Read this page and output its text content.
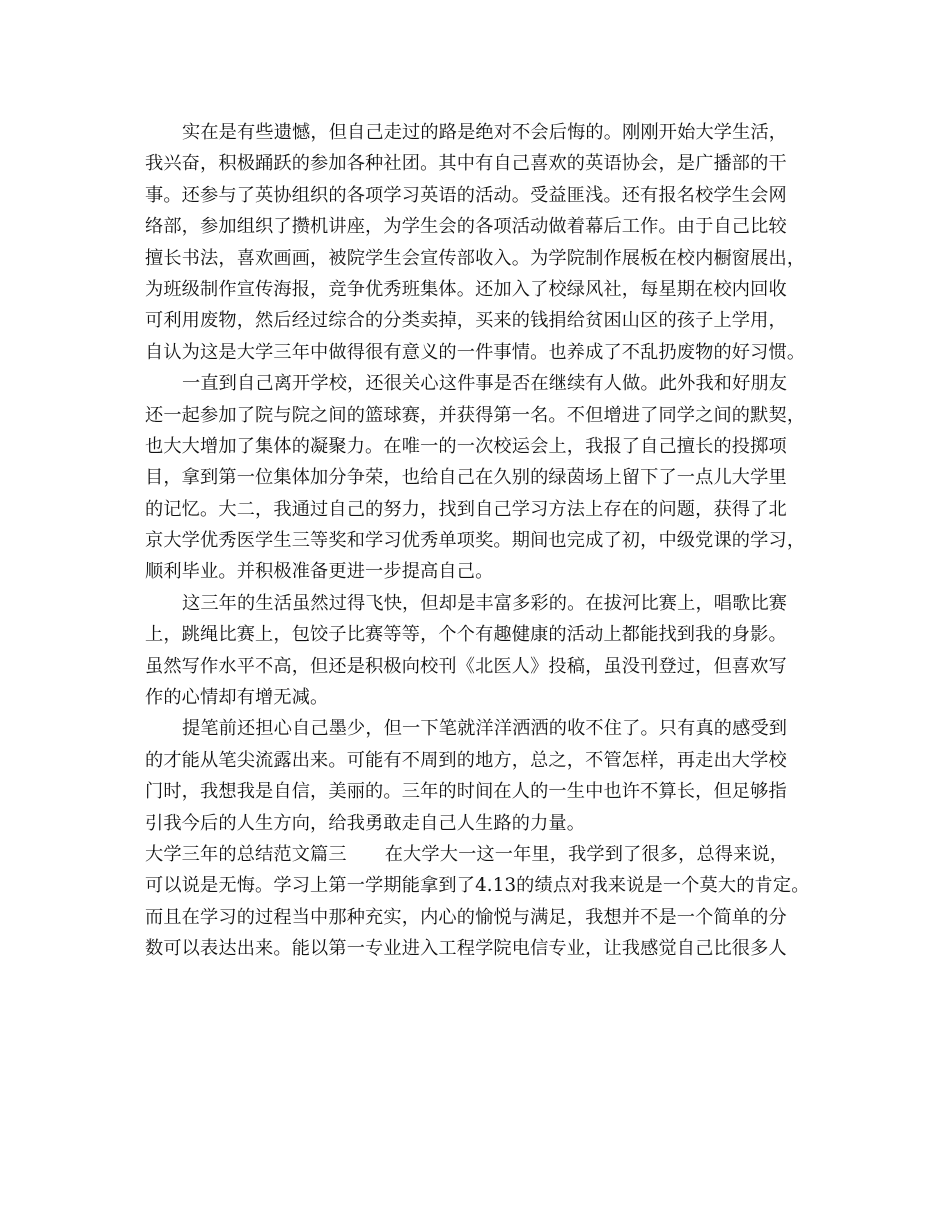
实在是有些遗憾，但自己走过的路是绝对不会后悔的。刚刚开始大学生活，
我兴奋，积极踊跃的参加各种社团。其中有自己喜欢的英语协会，是广播部的干
事。还参与了英协组织的各项学习英语的活动。受益匪浅。还有报名校学生会网
络部，参加组织了攒机讲座，为学生会的各项活动做着幕后工作。由于自己比较
擅长书法，喜欢画画，被院学生会宣传部收入。为学院制作展板在校内橱窗展出，
为班级制作宣传海报，竞争优秀班集体。还加入了校绿风社，每星期在校内回收
可利用废物，然后经过综合的分类卖掉，买来的钱捐给贫困山区的孩子上学用，
自认为这是大学三年中做得很有意义的一件事情。也养成了不乱扔废物的好习惯。
一直到自己离开学校，还很关心这件事是否在继续有人做。此外我和好朋友
还一起参加了院与院之间的篮球赛，并获得第一名。不但增进了同学之间的默契，
也大大增加了集体的凝聚力。在唯一的一次校运会上，我报了自己擅长的投掷项
目，拿到第一位集体加分争荣，也给自己在久别的绿茵场上留下了一点儿大学里
的记忆。大二，我通过自己的努力，找到自己学习方法上存在的问题，获得了北
京大学优秀医学生三等奖和学习优秀单项奖。期间也完成了初，中级党课的学习，
顺利毕业。并积极准备更进一步提高自己。
这三年的生活虽然过得飞快，但却是丰富多彩的。在拔河比赛上，唱歌比赛
上，跳绳比赛上，包饺子比赛等等，个个有趣健康的活动上都能找到我的身影。
虽然写作水平不高，但还是积极向校刊《北医人》投稿，虽没刊登过，但喜欢写
作的心情却有增无减。
提笔前还担心自己墨少，但一下笔就洋洋洒洒的收不住了。只有真的感受到
的才能从笔尖流露出来。可能有不周到的地方，总之，不管怎样，再走出大学校
门时，我想我是自信，美丽的。三年的时间在人的一生中也许不算长，但足够指
引我今后的人生方向，给我勇敢走自己人生路的力量。
大学三年的总结范文篇三 在大学大一这一年里，我学到了很多，总得来说，
可以说是无悔。学习上第一学期能拿到了4.13的绩点对我来说是一个莫大的肯定。
而且在学习的过程当中那种充实，内心的愉悦与满足，我想并不是一个简单的分
数可以表达出来。能以第一专业进入工程学院电信专业，让我感觉自己比很多人
